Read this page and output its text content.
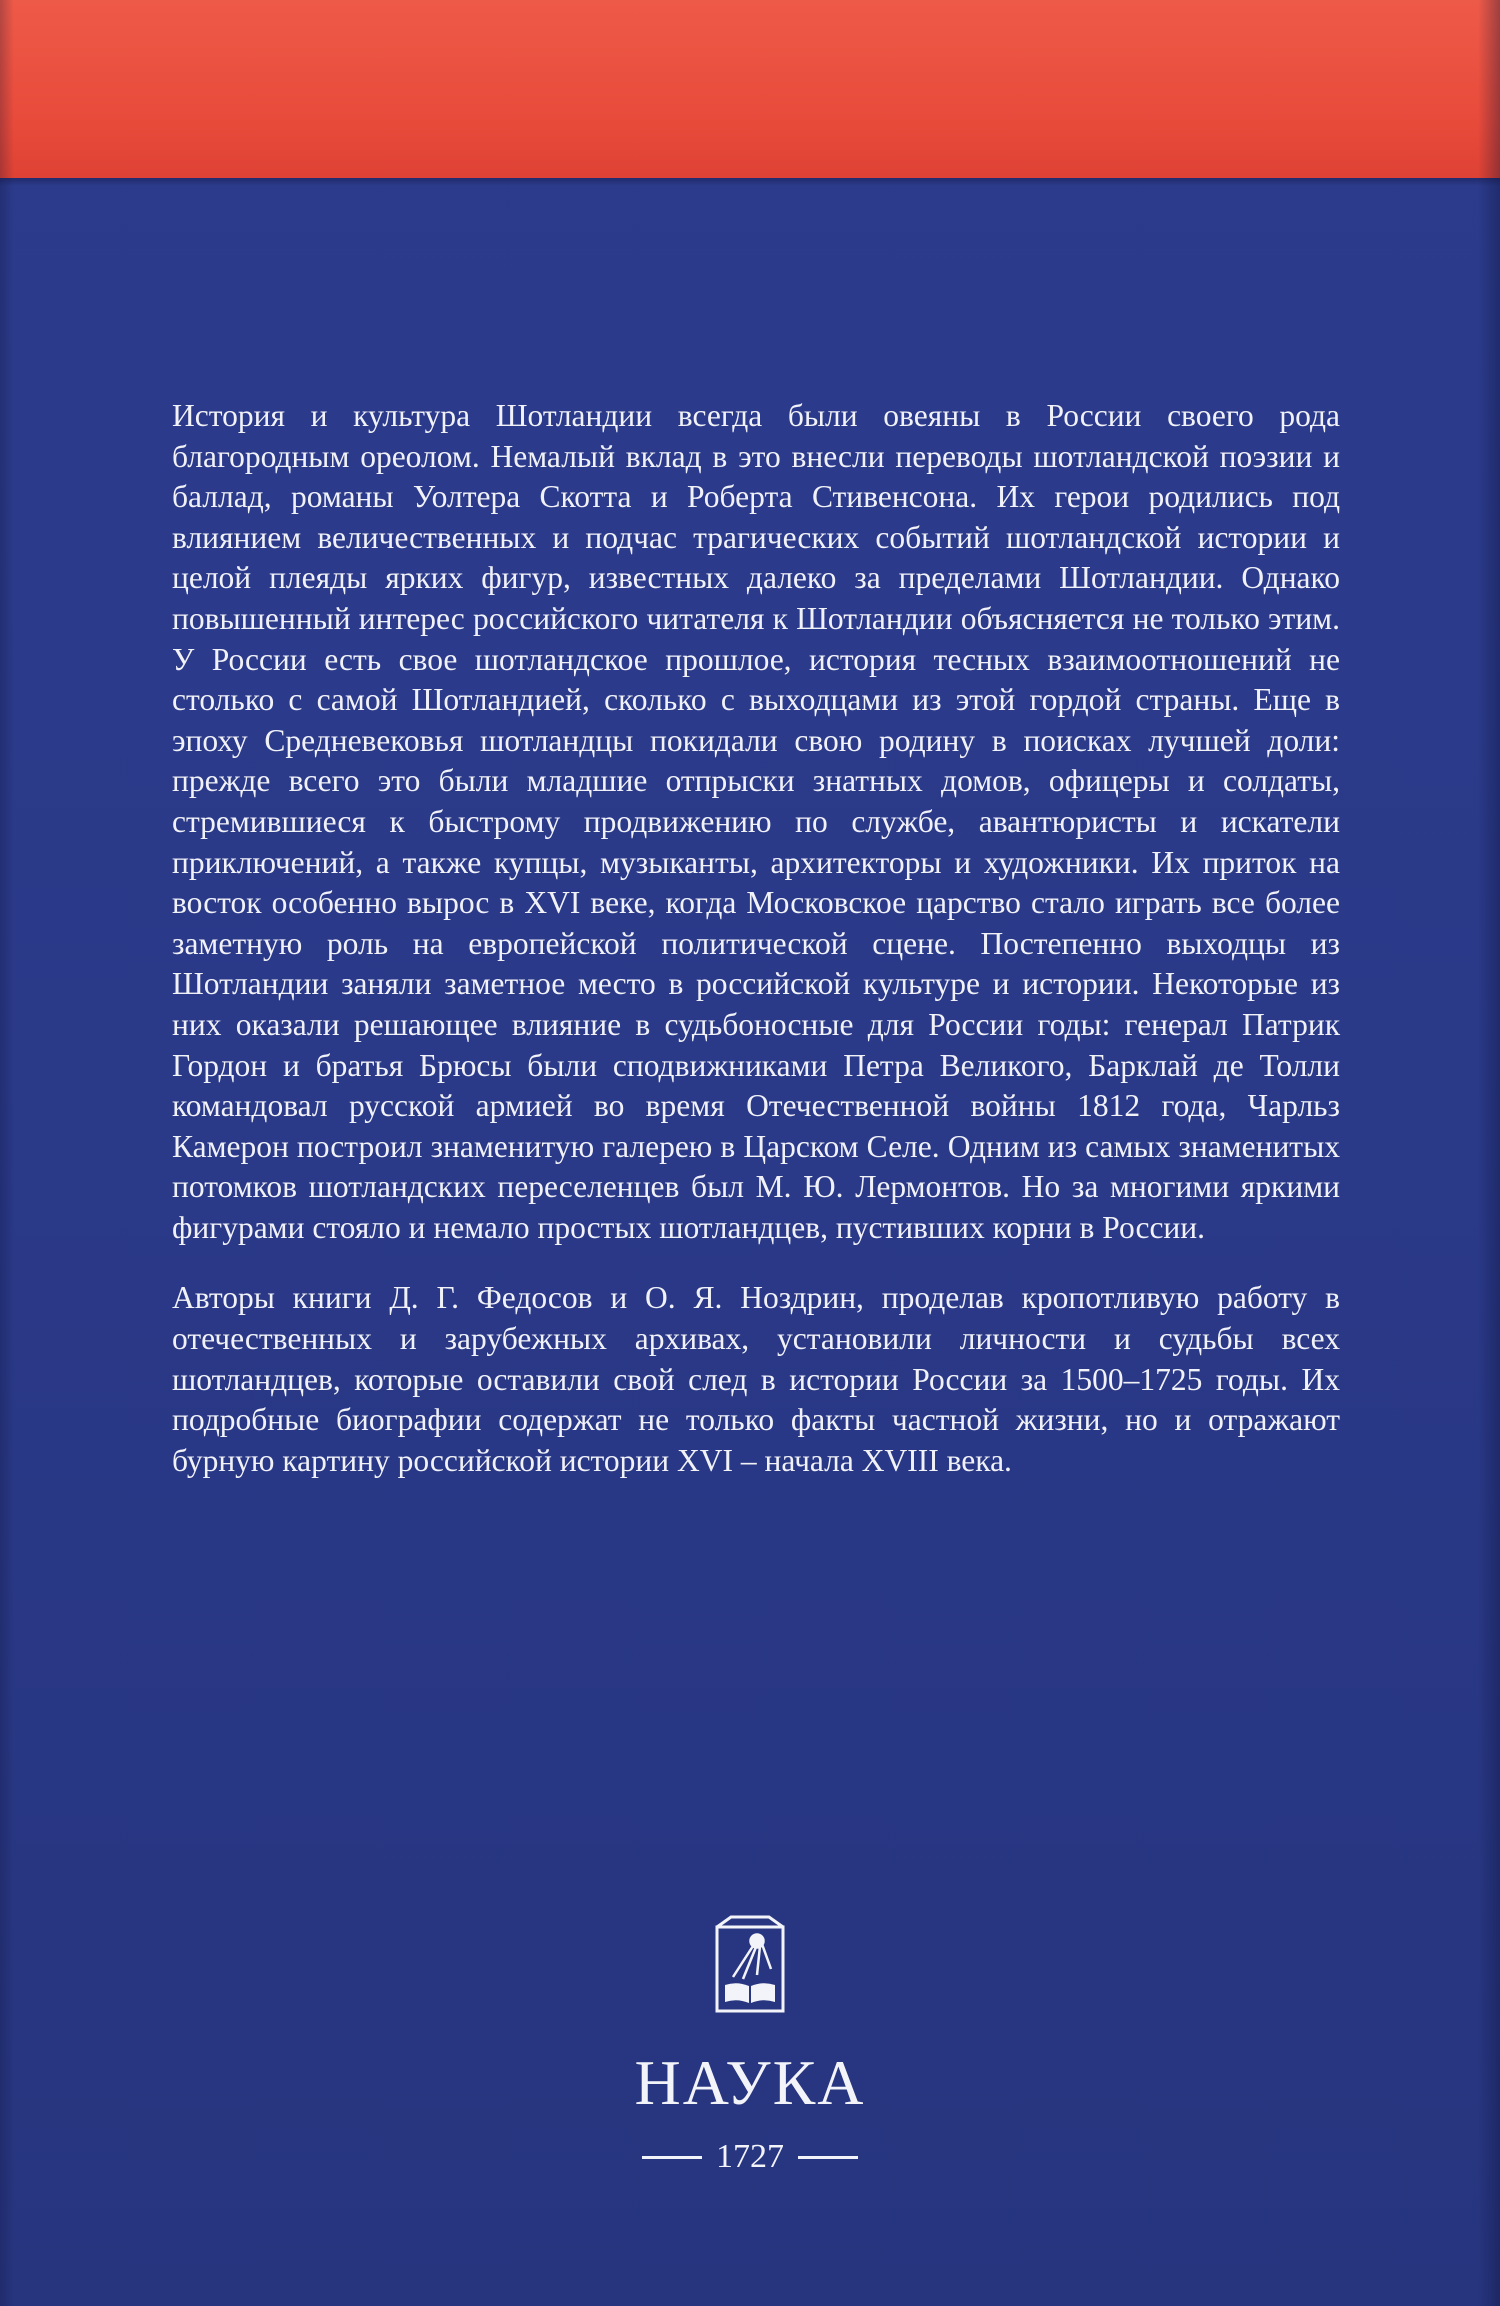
История и культура Шотландии всегда были овеяны в России своего рода благородным ореолом. Немалый вклад в это внесли переводы шотландской поэзии и баллад, романы Уолтера Скотта и Роберта Стивенсона. Их герои родились под влиянием величественных и подчас трагических событий шотландской истории и целой плеяды ярких фигур, известных далеко за пределами Шотландии. Однако повышенный интерес российского читателя к Шотландии объясняется не только этим. У России есть свое шотландское прошлое, история тесных взаимоотношений не столько с самой Шотландией, сколько с выходцами из этой гордой страны. Еще в эпоху Средневековья шотландцы покидали свою родину в поисках лучшей доли: прежде всего это были младшие отпрыски знатных домов, офицеры и солдаты, стремившиеся к быстрому продвижению по службе, авантюристы и искатели приключений, а также купцы, музыканты, архитекторы и художники. Их приток на восток особенно вырос в XVI веке, когда Московское царство стало играть все более заметную роль на европейской политической сцене. Постепенно выходцы из Шотландии заняли заметное место в российской культуре и истории. Некоторые из них оказали решающее влияние в судьбоносные для России годы: генерал Патрик Гордон и братья Брюсы были сподвижниками Петра Великого, Барклай де Толли командовал русской армией во время Отечественной войны 1812 года, Чарльз Камерон построил знаменитую галерею в Царском Селе. Одним из самых знаменитых потомков шотландских переселенцев был М. Ю. Лермонтов. Но за многими яркими фигурами стояло и немало простых шотландцев, пустивших корни в России.

Авторы книги Д. Г. Федосов и О. Я. Ноздрин, проделав кропотливую работу в отечественных и зарубежных архивах, установили личности и судьбы всех шотландцев, которые оставили свой след в истории России за 1500–1725 годы. Их подробные биографии содержат не только факты частной жизни, но и отражают бурную картину российской истории XVI – начала XVIII века.

НАУКА
1727
